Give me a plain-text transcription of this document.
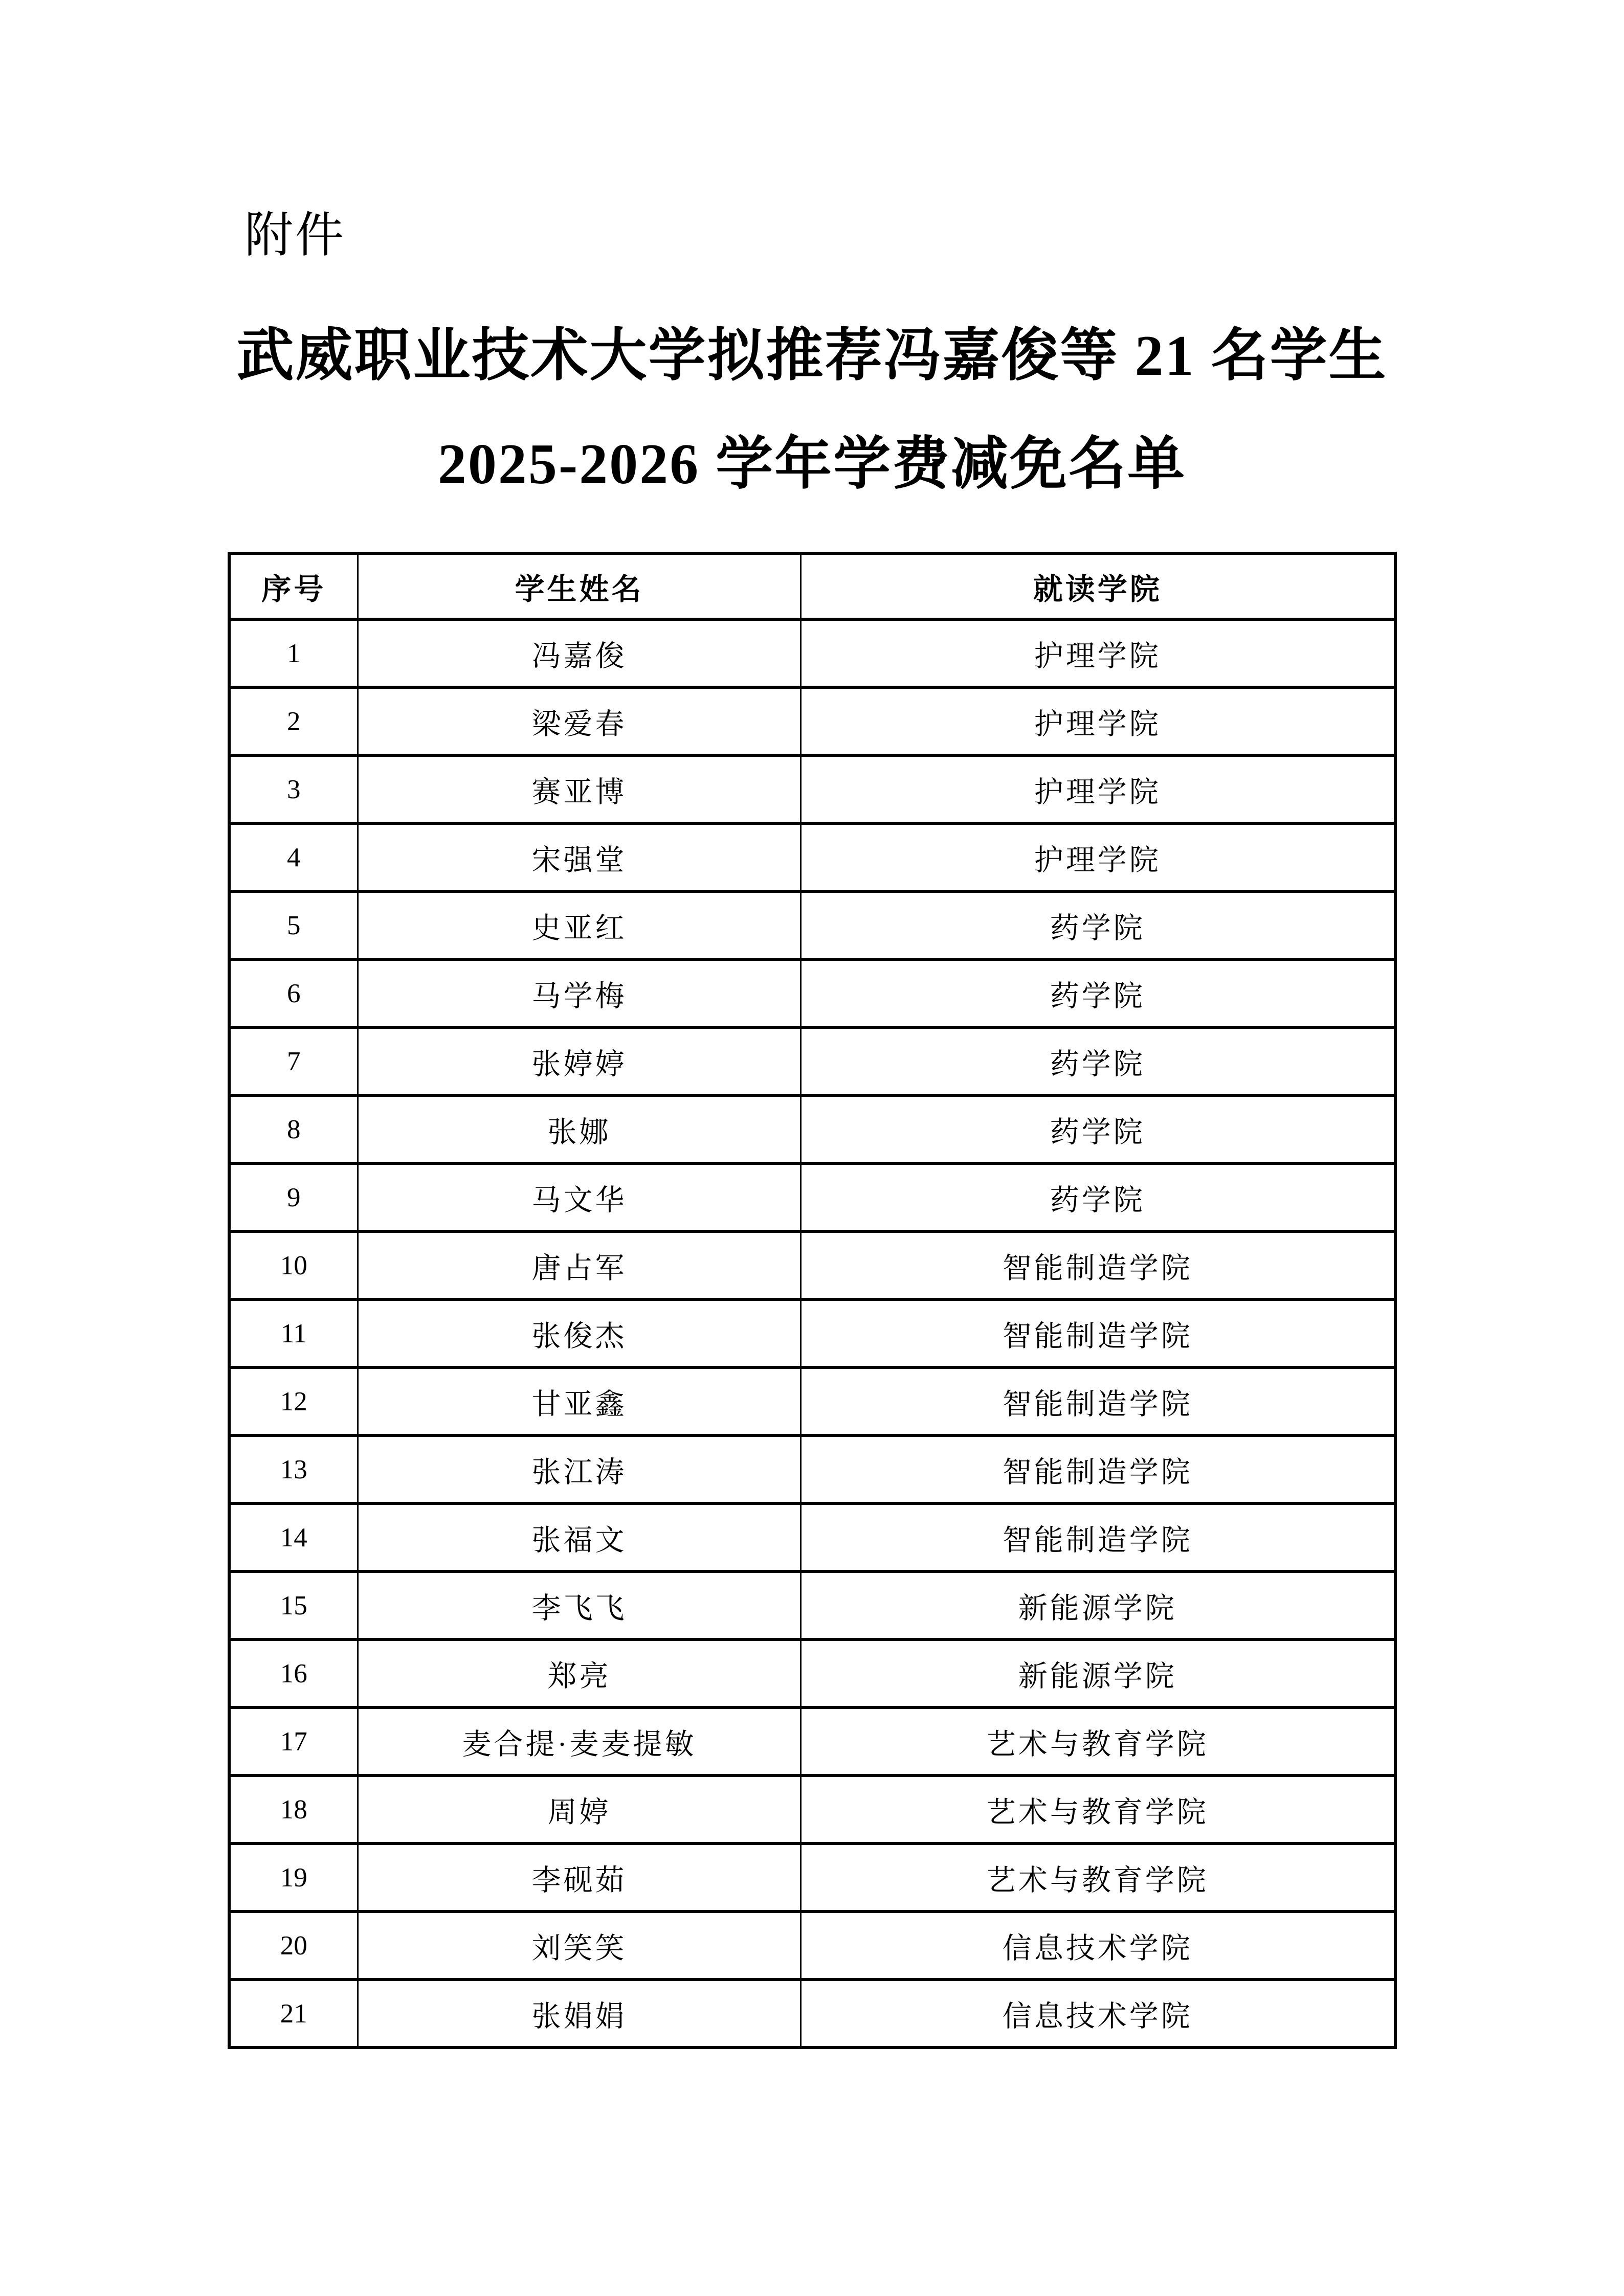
附件
武威职业技术大学拟推荐冯嘉俊等 21 名学生
2025-2026 学年学费减免名单
序号	学生姓名	就读学院
1	冯嘉俊	护理学院
2	梁爱春	护理学院
3	赛亚博	护理学院
4	宋强堂	护理学院
5	史亚红	药学院
6	马学梅	药学院
7	张婷婷	药学院
8	张娜	药学院
9	马文华	药学院
10	唐占军	智能制造学院
11	张俊杰	智能制造学院
12	甘亚鑫	智能制造学院
13	张江涛	智能制造学院
14	张福文	智能制造学院
15	李飞飞	新能源学院
16	郑亮	新能源学院
17	麦合提·麦麦提敏	艺术与教育学院
18	周婷	艺术与教育学院
19	李砚茹	艺术与教育学院
20	刘笑笑	信息技术学院
21	张娟娟	信息技术学院
